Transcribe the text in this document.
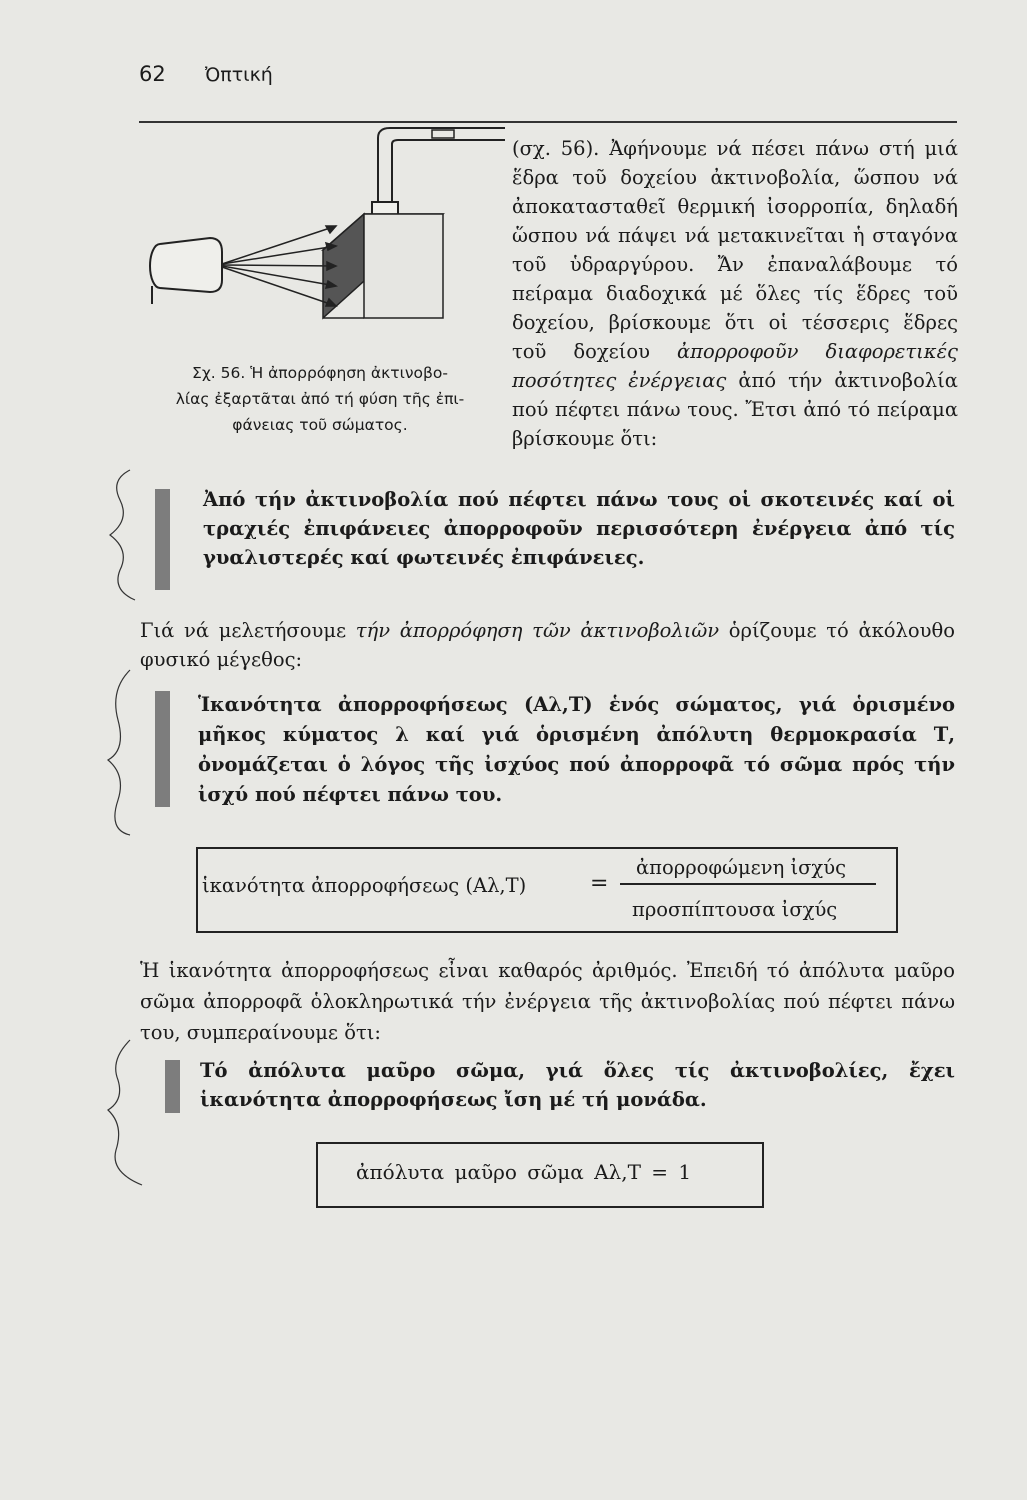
62 Ὀπτική
Σχ. 56. Ἡ ἀπορρόφηση ἀκτινοβο-
λίας ἐξαρτᾶται ἀπό τή φύση τῆς ἐπι-
φάνειας τοῦ σώματος.

(σχ. 56). Ἀφήνουμε νά πέσει πάνω στή μιά ἕδρα τοῦ δοχείου ἀκτινοβολία, ὥσπου νά ἀποκατασταθεῖ θερμική ἰσορροπία, δηλαδή ὥσπου νά πάψει νά μετακινεῖται ἡ σταγόνα τοῦ ὑδραργύρου. Ἄν ἐπαναλάβουμε τό πείραμα διαδοχικά μέ ὅλες τίς ἕδρες τοῦ δοχείου, βρίσκουμε ὅτι οἱ τέσσερις ἕδρες τοῦ δοχείου ἀπορροφοῦν διαφορετικές ποσότητες ἐνέργειας ἀπό τήν ἀκτινοβολία πού πέφτει πάνω τους. Ἔτσι ἀπό τό πείραμα βρίσκουμε ὅτι:

Ἀπό τήν ἀκτινοβολία πού πέφτει πάνω τους οἱ σκοτεινές καί οἱ τραχιές ἐπιφάνειες ἀπορροφοῦν περισσότερη ἐνέργεια ἀπό τίς γυαλιστερές καί φωτεινές ἐπιφάνειες.
Γιά νά μελετήσουμε τήν ἀπορρόφηση τῶν ἀκτινοβολιῶν ὁρίζουμε τό ἀκόλουθο φυσικό μέγεθος:
Ἱκανότητα ἀπορροφήσεως (Αλ,Τ) ἑνός σώματος, γιά ὁρισμένο μῆκος κύματος λ καί γιά ὁρισμένη ἀπόλυτη θερμοκρασία Τ, ὀνομάζεται ὁ λόγος τῆς ἰσχύος πού ἀπορροφᾶ τό σῶμα πρός τήν ἰσχύ πού πέφτει πάνω του.
ἱκανότητα ἀπορροφήσεως (Αλ,Τ)	=
ἀπορροφώμενη ἰσχύς
προσπίπτουσα ἰσχύς
Ἡ ἱκανότητα ἀπορροφήσεως εἶναι καθαρός ἀριθμός. Ἐπειδή τό ἀπόλυτα μαῦρο σῶμα ἀπορροφᾶ ὁλοκληρωτικά τήν ἐνέργεια τῆς ἀκτινοβολίας πού πέφτει πάνω του, συμπεραίνουμε ὅτι:
Τό ἀπόλυτα μαῦρο σῶμα, γιά ὅλες τίς ἀκτινοβολίες, ἔχει ἱκανότητα ἀπορροφήσεως ἴση μέ τή μονάδα.
ἀπόλυτα μαῦρο σῶμα Αλ,Τ = 1
